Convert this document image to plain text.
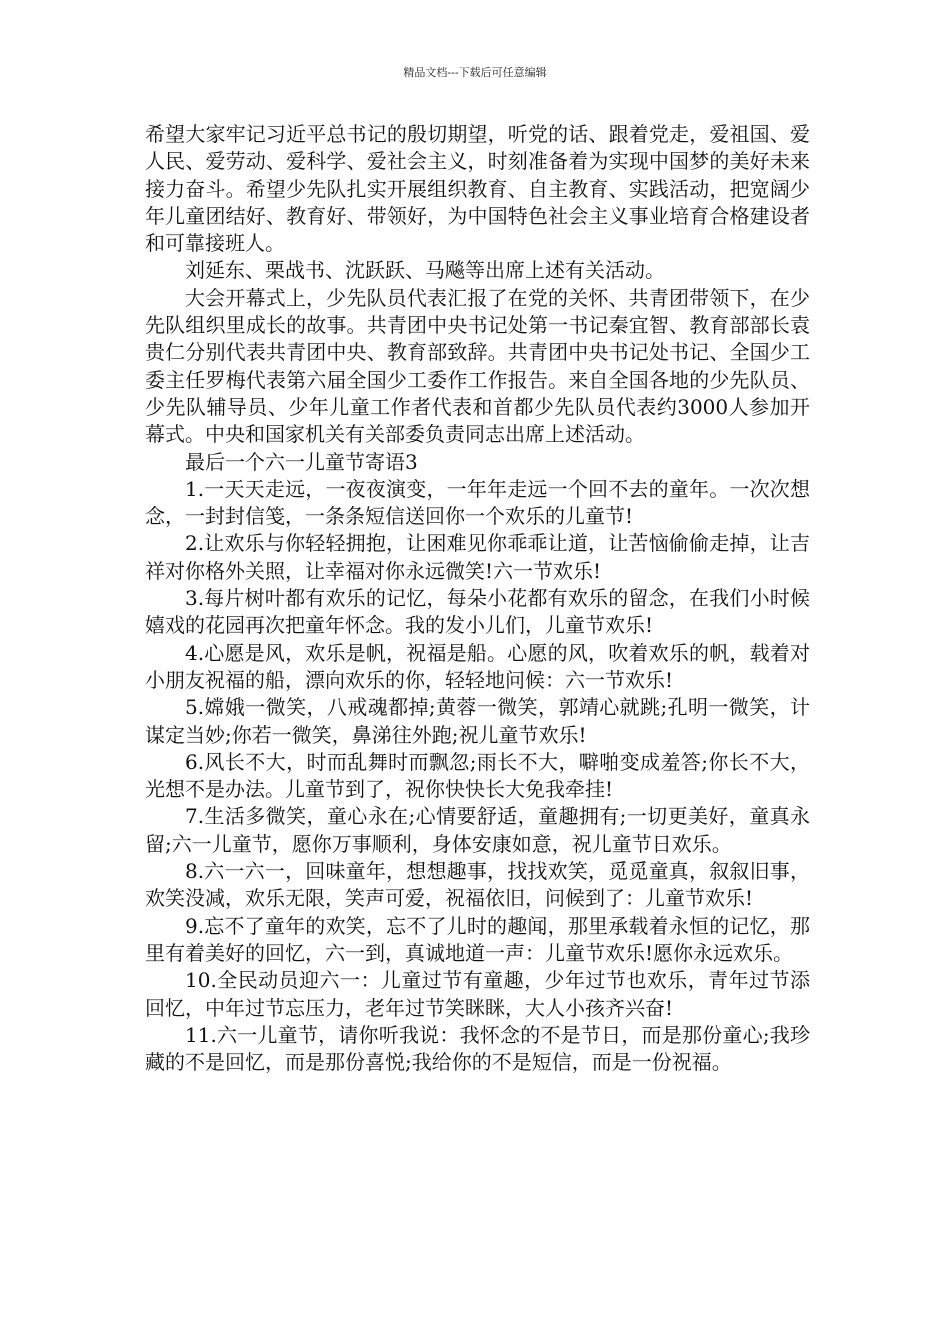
精品文档---下载后可任意编辑

希望大家牢记习近平总书记的殷切期望，听党的话、跟着党走，爱祖国、爱人民、爱劳动、爱科学、爱社会主义，时刻准备着为实现中国梦的美好未来接力奋斗。希望少先队扎实开展组织教育、自主教育、实践活动，把宽阔少年儿童团结好、教育好、带领好，为中国特色社会主义事业培育合格建设者和可靠接班人。

刘延东、栗战书、沈跃跃、马飚等出席上述有关活动。

大会开幕式上，少先队员代表汇报了在党的关怀、共青团带领下，在少先队组织里成长的故事。共青团中央书记处第一书记秦宜智、教育部部长袁贵仁分别代表共青团中央、教育部致辞。共青团中央书记处书记、全国少工委主任罗梅代表第六届全国少工委作工作报告。来自全国各地的少先队员、少先队辅导员、少年儿童工作者代表和首都少先队员代表约3000人参加开幕式。中央和国家机关有关部委负责同志出席上述活动。

最后一个六一儿童节寄语3

1.一天天走远，一夜夜演变，一年年走远一个回不去的童年。一次次想念，一封封信笺，一条条短信送回你一个欢乐的儿童节!

2.让欢乐与你轻轻拥抱，让困难见你乖乖让道，让苦恼偷偷走掉，让吉祥对你格外关照，让幸福对你永远微笑!六一节欢乐!

3.每片树叶都有欢乐的记忆，每朵小花都有欢乐的留念，在我们小时候嬉戏的花园再次把童年怀念。我的发小儿们，儿童节欢乐!

4.心愿是风，欢乐是帆，祝福是船。心愿的风，吹着欢乐的帆，载着对小朋友祝福的船，漂向欢乐的你，轻轻地问候：六一节欢乐!

5.嫦娥一微笑，八戒魂都掉;黄蓉一微笑，郭靖心就跳;孔明一微笑，计谋定当妙;你若一微笑，鼻涕往外跑;祝儿童节欢乐!

6.风长不大，时而乱舞时而飘忽;雨长不大，噼啪变成羞答;你长不大，光想不是办法。儿童节到了，祝你快快长大免我牵挂!

7.生活多微笑，童心永在;心情要舒适，童趣拥有;一切更美好，童真永留;六一儿童节，愿你万事顺利，身体安康如意，祝儿童节日欢乐。

8.六一六一，回味童年，想想趣事，找找欢笑，觅觅童真，叙叙旧事，欢笑没减，欢乐无限，笑声可爱，祝福依旧，问候到了：儿童节欢乐!

9.忘不了童年的欢笑，忘不了儿时的趣闻，那里承载着永恒的记忆，那里有着美好的回忆，六一到，真诚地道一声：儿童节欢乐!愿你永远欢乐。

10.全民动员迎六一：儿童过节有童趣，少年过节也欢乐，青年过节添回忆，中年过节忘压力，老年过节笑眯眯，大人小孩齐兴奋!

11.六一儿童节，请你听我说：我怀念的不是节日，而是那份童心;我珍藏的不是回忆，而是那份喜悦;我给你的不是短信，而是一份祝福。
